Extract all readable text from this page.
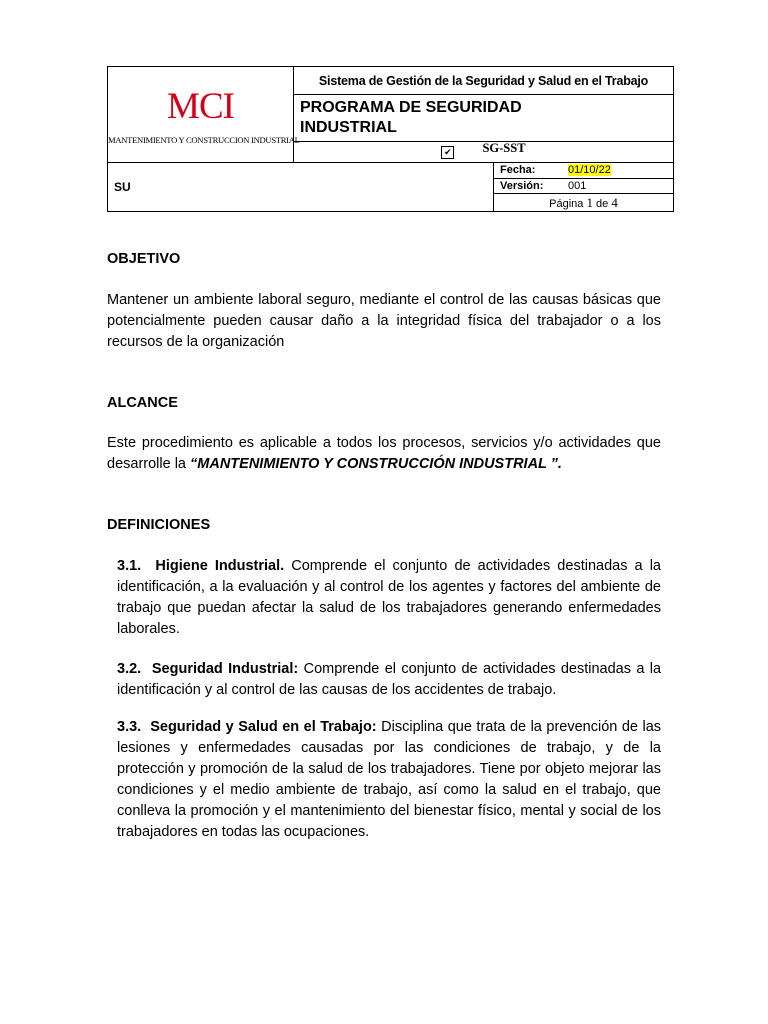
MCI
MANTENIMIENTO Y CONSTRUCCION INDUSTRIAL
	Sistema de Gestión de la Seguridad y Salud en el Trabajo

PROGRAMA DE SEGURIDAD INDUSTRIAL

✔ SG-SST
SU	
Fecha:	01/10/22
Versión:	001
Página 1 de 4
OBJETIVO
Mantener un ambiente laboral seguro, mediante el control de las causas básicas que potencialmente pueden causar daño a la integridad física del trabajador o a los recursos de la organización
ALCANCE
Este procedimiento es aplicable a todos los procesos, servicios y/o actividades que desarrolle la “MANTENIMIENTO Y CONSTRUCCIÓN INDUSTRIAL ”.
DEFINICIONES
3.1. Higiene Industrial. Comprende el conjunto de actividades destinadas a la identificación, a la evaluación y al control de los agentes y factores del ambiente de trabajo que puedan afectar la salud de los trabajadores generando enfermedades laborales.
3.2. Seguridad Industrial: Comprende el conjunto de actividades destinadas a la identificación y al control de las causas de los accidentes de trabajo.
3.3. Seguridad y Salud en el Trabajo: Disciplina que trata de la prevención de las lesiones y enfermedades causadas por las condiciones de trabajo, y de la protección y promoción de la salud de los trabajadores. Tiene por objeto mejorar las condiciones y el medio ambiente de trabajo, así como la salud en el trabajo, que conlleva la promoción y el mantenimiento del bienestar físico, mental y social de los trabajadores en todas las ocupaciones.
